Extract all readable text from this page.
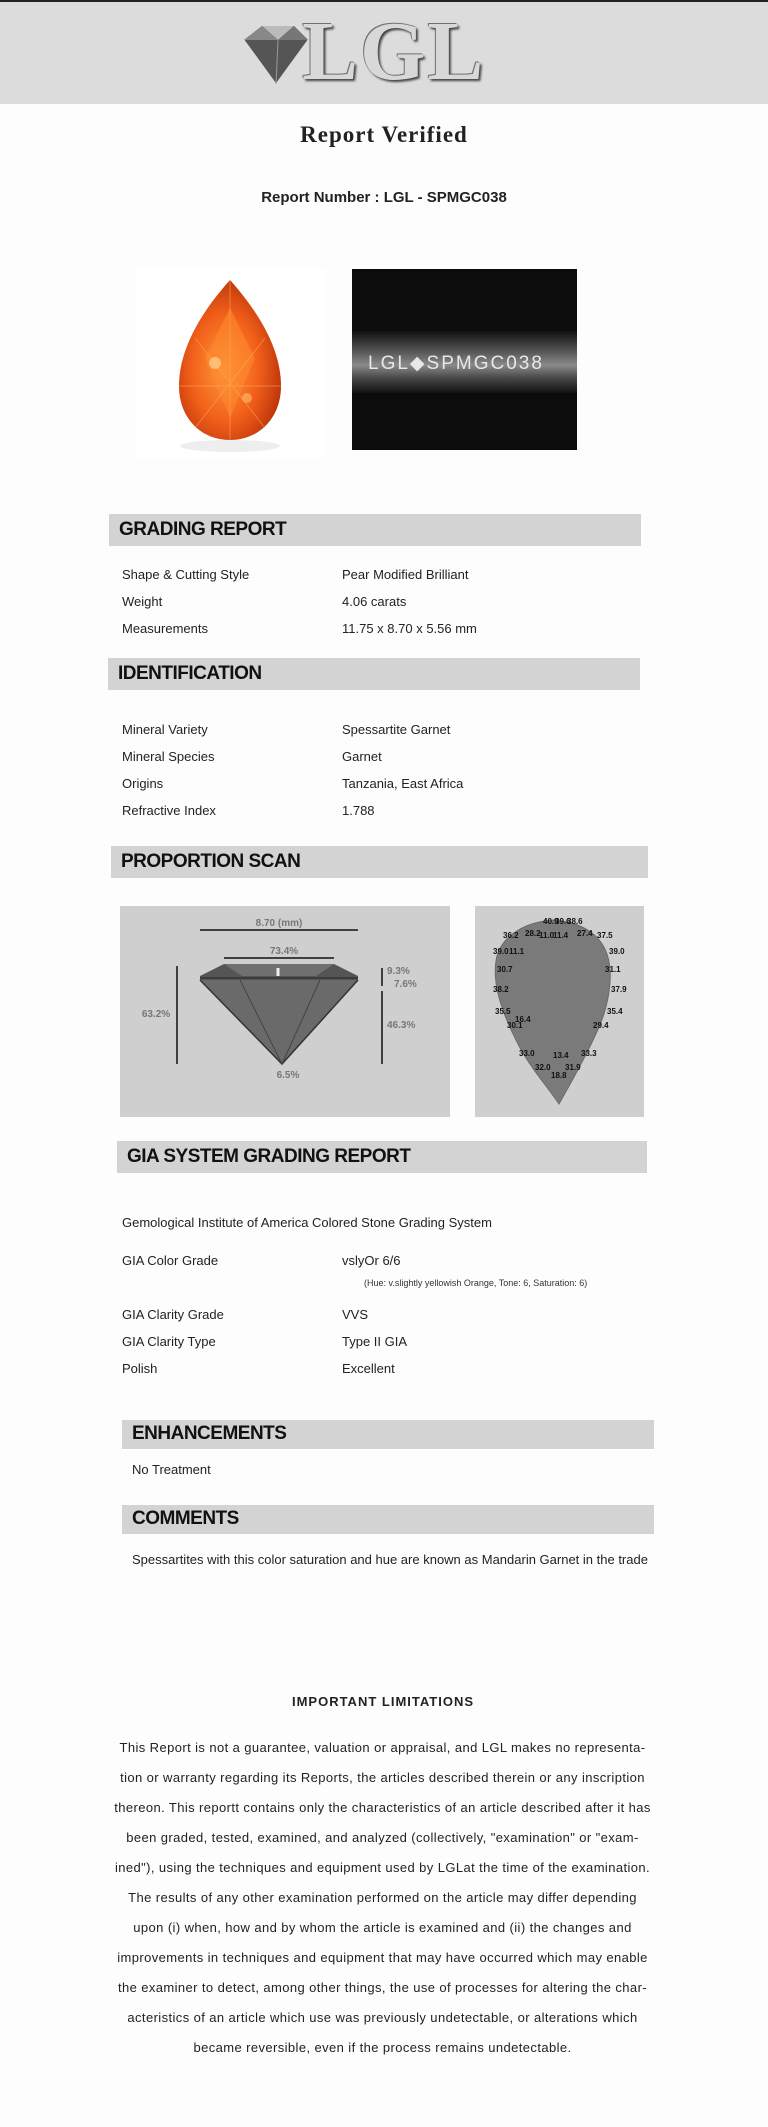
LGL
Report Verified
Report Number : LGL - SPMGC038
LGL◆SPMGC038
GRADING REPORT
Shape & Cutting Style	Pear Modified Brilliant
Weight	4.06 carats
Measurements	11.75 x 8.70 x 5.56 mm
IDENTIFICATION
Mineral Variety	Spessartite Garnet
Mineral Species	Garnet
Origins	Tanzania, East Africa
Refractive Index	1.788
PROPORTION SCAN
8.70 (mm)
73.4%
63.2%
9.3%
7.6%
46.3%
6.5%
40.9
39.6
38.6
36.2 28.2
11.0
11.4 27.4 37.5
39.0 11.1	39.0
30.7	31.1
38.2	37.9
35.5
16.4
35.4
30.1	29.4
33.0 13.4 33.3
32.0 31.9
18.8
GIA SYSTEM GRADING REPORT
Gemological Institute of America Colored Stone Grading System
GIA Color Grade	vslyOr 6/6
(Hue: v.slightly yellowish Orange, Tone: 6, Saturation: 6)
GIA Clarity Grade	VVS
GIA Clarity Type	Type II GIA
Polish	Excellent
ENHANCEMENTS
No Treatment
COMMENTS
Spessartites with this color saturation and hue are known as Mandarin Garnet in the trade
IMPORTANT LIMITATIONS
This Report is not a guarantee, valuation or appraisal, and LGL makes no representa-
tion or warranty regarding its Reports, the articles described therein or any inscription
thereon. This reportt contains only the characteristics of an article described after it has
been graded, tested, examined, and analyzed (collectively, "examination" or "exam-
ined"), using the techniques and equipment used by LGLat the time of the examination.
The results of any other examination performed on the article may differ depending
upon (i) when, how and by whom the article is examined and (ii) the changes and
improvements in techniques and equipment that may have occurred which may enable
the examiner to detect, among other things, the use of processes for altering the char-
acteristics of an article which use was previously undetectable, or alterations which
became reversible, even if the process remains undetectable.
